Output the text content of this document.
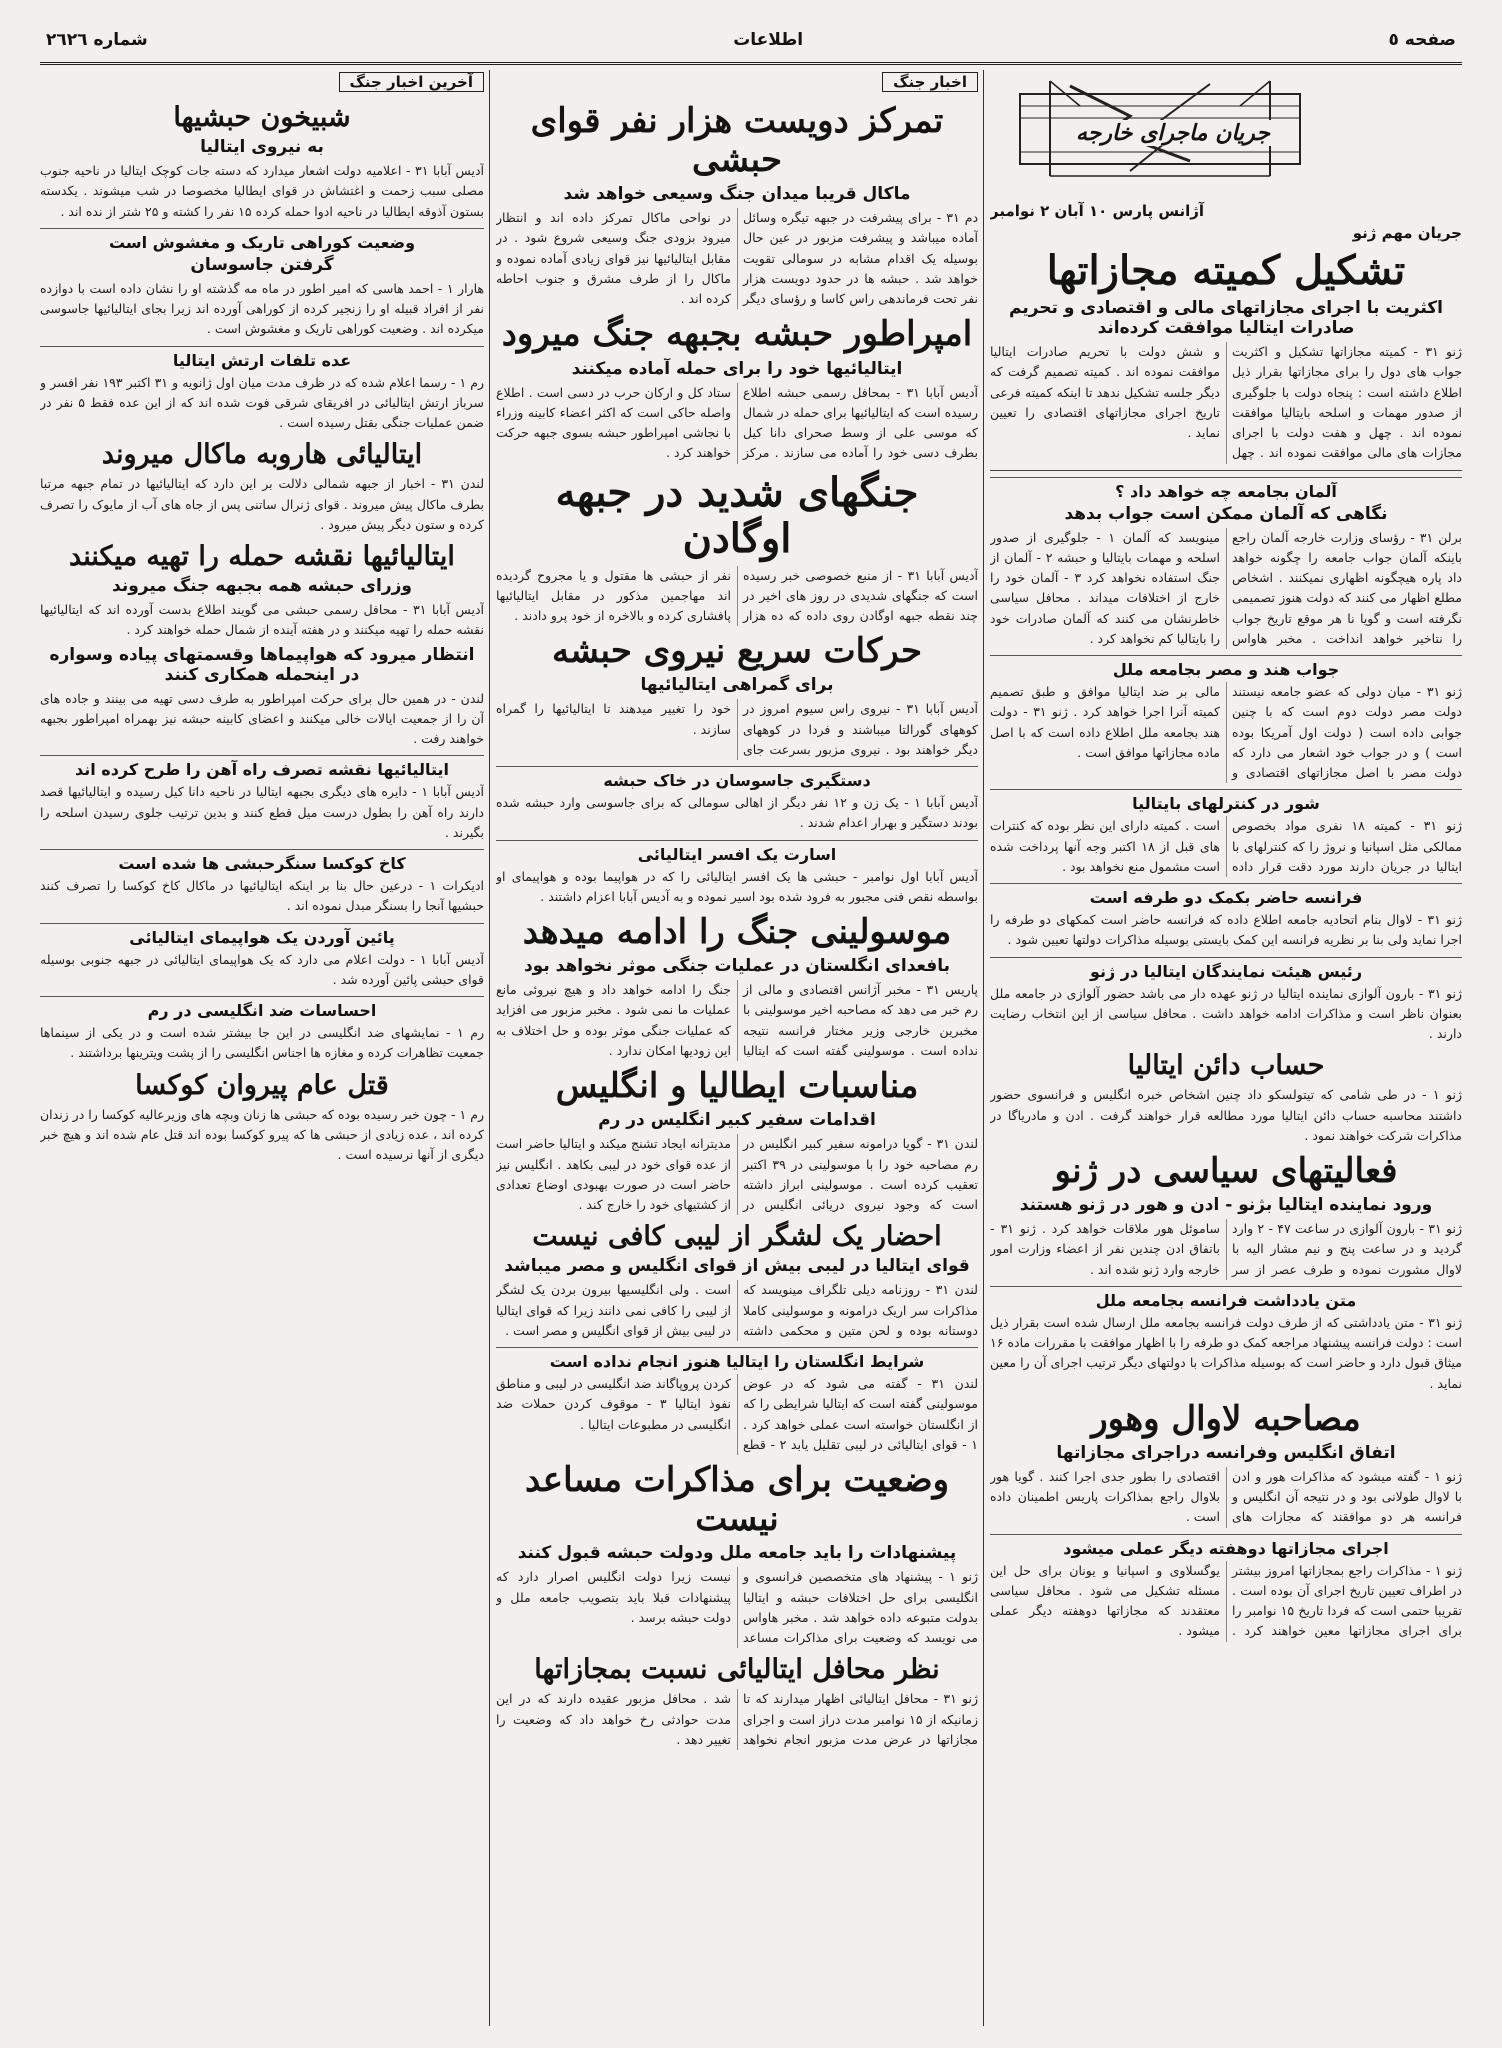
صفحه ٥
اطلاعات
شماره ٢٦٢٦
جریان ماجرای خارجه
آژانس پارس ۱۰ آبان ۲ نوامبر
جریان مهم ژنو
تشکیل کمیته مجازاتها
اکثریت با اجرای مجازاتهای مالی و اقتصادی و تحریم صادرات ایتالیا موافقت کرده‌اند

ژنو ۳۱ - کمیته مجازاتها تشکیل و اکثریت جواب های دول را برای مجازاتها بقرار ذیل اطلاع داشته است : پنجاه دولت با جلوگیری از صدور مهمات و اسلحه بایتالیا موافقت نموده اند . چهل و هفت دولت با اجرای مجازات های مالی موافقت نموده اند . چهل و شش دولت با تحریم صادرات ایتالیا موافقت نموده اند . کمیته تصمیم گرفت که دیگر جلسه تشکیل ندهد تا اینکه کمیته فرعی تاریخ اجرای مجازاتهای اقتصادی را تعیین نماید .

آلمان بجامعه چه خواهد داد ؟
نگاهی که آلمان ممکن است جواب بدهد

برلن ۳۱ - رؤسای وزارت خارجه آلمان راجع باینکه آلمان جواب جامعه را چگونه خواهد داد پاره هیچگونه اظهاری نمیکنند . اشخاص مطلع اظهار می کنند که دولت هنوز تصمیمی نگرفته است و گویا نا هر موقع تاریخ جواب را نتاخیر خواهد انداخت . مخبر هاواس مینویسد که آلمان ۱ - جلوگیری از صدور اسلحه و مهمات بایتالیا و حبشه ۲ - آلمان از جنگ استفاده نخواهد کرد ۳ - آلمان خود را خارج از اختلافات میداند . محافل سیاسی خاطرنشان می کنند که آلمان صادرات خود را بایتالیا کم نخواهد کرد .

جواب هند و مصر بجامعه ملل

ژنو ۳۱ - میان دولی که عضو جامعه نیستند دولت مصر دولت دوم است که با چنین جوابی داده است ( دولت اول آمریکا بوده است ) و در جواب خود اشعار می دارد که دولت مصر با اصل مجازاتهای اقتصادی و مالی بر ضد ایتالیا موافق و طبق تصمیم کمیته آنرا اجرا خواهد کرد . ژنو ۳۱ - دولت هند بجامعه ملل اطلاع داده است که با اصل ماده مجازاتها موافق است .

شور در کنترلهای بایتالیا

ژنو ۳۱ - کمیته ۱۸ نفری مواد بخصوص ممالکی مثل اسپانیا و نروژ را که کنترلهای با ایتالیا در جریان دارند مورد دقت قرار داده است . کمیته دارای این نظر بوده که کنترات های قبل از ۱۸ اکتبر وجه آنها پرداخت شده است مشمول منع نخواهد بود .

فرانسه حاضر بکمک دو طرفه است

ژنو ۳۱ - لاوال بنام اتحادیه جامعه اطلاع داده که فرانسه حاضر است کمکهای دو طرفه را اجرا نماید ولی بنا بر نظریه فرانسه این کمک بایستی بوسیله مذاکرات دولتها تعیین شود .

رئیس هیئت نمایندگان ایتالیا در ژنو

ژنو ۳۱ - بارون آلوازی نماینده ایتالیا در ژنو عهده دار می باشد حضور آلوازی در جامعه ملل بعنوان ناظر است و مذاکرات ادامه خواهد داشت . محافل سیاسی از این انتخاب رضایت دارند .

حساب دائن ایتالیا

ژنو ۱ - در طی شامی که تیتولسکو داد چنین اشخاص خبره انگلیس و فرانسوی حضور داشتند محاسبه حساب دائن ایتالیا مورد مطالعه قرار خواهند گرفت . ادن و مادریاگا در مذاکرات شرکت خواهند نمود .

فعالیتهای سیاسی در ژنو
ورود نماینده ایتالیا بژنو - ادن و هور در ژنو هستند

ژنو ۳۱ - بارون آلوازی در ساعت ۴۷ - ۲ وارد گردید و در ساعت پنج و نیم مشار الیه با لاوال مشورت نموده و طرف عصر از سر ساموئل هور ملاقات خواهد کرد . ژنو ۳۱ - باتفاق ادن چندین نفر از اعضاء وزارت امور خارجه وارد ژنو شده اند .

متن یادداشت فرانسه بجامعه ملل

ژنو ۳۱ - متن یادداشتی که از طرف دولت فرانسه بجامعه ملل ارسال شده است بقرار ذیل است : دولت فرانسه پیشنهاد مراجعه کمک دو طرفه را با اظهار موافقت با مقررات ماده ۱۶ میثاق قبول دارد و حاضر است که بوسیله مذاکرات با دولتهای دیگر ترتیب اجرای آن را معین نماید .

مصاحبه لاوال وهور
اتفاق انگلیس وفرانسه دراجرای مجازاتها

ژنو ۱ - گفته میشود که مذاکرات هور و ادن با لاوال طولانی بود و در نتیجه آن انگلیس و فرانسه هر دو موافقند که مجازات های اقتصادی را بطور جدی اجرا کنند . گویا هور بلاوال راجع بمذاکرات پاریس اطمینان داده است .

اجرای مجازاتها دوهفته دیگر عملی میشود

ژنو ۱ - مذاکرات راجع بمجازاتها امروز بیشتر در اطراف تعیین تاریخ اجرای آن بوده است . تقریبا حتمی است که فردا تاریخ ۱۵ نوامبر را برای اجرای مجازاتها معین خواهند کرد . یوگسلاوی و اسپانیا و یونان برای حل این مسئله تشکیل می شود . محافل سیاسی معتقدند که مجازاتها دوهفته دیگر عملی میشود .

اخبار جنگ
تمرکز دویست هزار نفر قوای حبشی
ماکال قریبا میدان جنگ وسیعی خواهد شد

دم ۳۱ - برای پیشرفت در جبهه تیگره وسائل آماده میباشد و پیشرفت مزبور در عین حال بوسیله یک اقدام مشابه در سومالی تقویت خواهد شد . حبشه ها در حدود دویست هزار نفر تحت فرماندهی راس کاسا و رؤسای دیگر در نواحی ماکال تمرکز داده اند و انتظار میرود بزودی جنگ وسیعی شروع شود . در مقابل ایتالیائیها نیز قوای زیادی آماده نموده و ماکال را از طرف مشرق و جنوب احاطه کرده اند .

امپراطور حبشه بجبهه جنگ میرود
ایتالیائیها خود را برای حمله آماده میکنند

آدیس آبابا ۳۱ - بمحافل رسمی حبشه اطلاع رسیده است که ایتالیائیها برای حمله در شمال که موسی علی از وسط صحرای دانا کیل بطرف دسی خود را آماده می سازند . مرکز ستاد کل و ارکان حرب در دسی است . اطلاع واصله حاکی است که اکثر اعضاء کابینه وزراء با نجاشی امپراطور حبشه بسوی جبهه حرکت خواهند کرد .

جنگهای شدید در جبهه اوگادن

آدیس آبابا ۳۱ - از منبع خصوصی خبر رسیده است که جنگهای شدیدی در روز های اخیر در چند نقطه جبهه اوگادن روی داده که ده هزار نفر از حبشی ها مقتول و یا مجروح گردیده اند مهاجمین مذکور در مقابل ایتالیائیها پافشاری کرده و بالاخره از خود پرو دادند .

حرکات سریع نیروی حبشه
برای گمراهی ایتالیائیها

آدیس آبابا ۳۱ - نیروی راس سیوم امروز در کوههای گورالتا میباشند و فردا در کوههای دیگر خواهند بود . نیروی مزبور بسرعت جای خود را تغییر میدهند تا ایتالیائیها را گمراه سازند .

دستگیری جاسوسان در خاک حبشه

آدیس آبابا ۱ - یک زن و ۱۲ نفر دیگر از اهالی سومالی که برای جاسوسی وارد حبشه شده بودند دستگیر و بهرار اعدام شدند .

اسارت یک افسر ایتالیائی

آدیس آبابا اول نوامبر - حبشی ها یک افسر ایتالیائی را که در هواپیما بوده و هواپیمای او بواسطه نقص فنی مجبور به فرود شده بود اسیر نموده و به آدیس آبابا اعزام داشتند .

موسولینی جنگ را ادامه میدهد
بافعدای انگلستان در عملیات جنگی موثر نخواهد بود

پاریس ۳۱ - مخبر آژانس اقتصادی و مالی از رم خبر می دهد که مصاحبه اخیر موسولینی با مخبرین خارجی وزیر مختار فرانسه نتیجه نداده است . موسولینی گفته است که ایتالیا جنگ را ادامه خواهد داد و هیچ نیروئی مانع عملیات ما نمی شود . مخبر مزبور می افزاید که عملیات جنگی موثر بوده و حل اختلاف به این زودیها امکان ندارد .

مناسبات ایطالیا و انگلیس
اقدامات سفیر کبیر انگلیس در رم

لندن ۳۱ - گویا درامونه سفیر کبیر انگلیس در رم مصاحبه خود را با موسولینی در ۳۹ اکتبر تعقیب کرده است . موسولینی ابراز داشته است که وجود نیروی دریائی انگلیس در مدیترانه ایجاد تشنج میکند و ایتالیا حاضر است از عده قوای خود در لیبی بکاهد . انگلیس نیز حاضر است در صورت بهبودی اوضاع تعدادی از کشتیهای خود را خارج کند .

احضار یک لشگر از لیبی کافی نیست
قوای ایتالیا در لیبی بیش از قوای انگلیس و مصر میباشد

لندن ۳۱ - روزنامه دیلی تلگراف مینویسد که مذاکرات سر اریک درامونه و موسولینی کاملا دوستانه بوده و لحن متین و محکمی داشته است . ولی انگلیسیها بیرون بردن یک لشگر از لیبی را کافی نمی دانند زیرا که قوای ایتالیا در لیبی بیش از قوای انگلیس و مصر است .

شرایط انگلستان را ایتالیا هنوز انجام نداده است

لندن ۳۱ - گفته می شود که در عوض موسولینی گفته است که ایتالیا شرایطی را که از انگلستان خواسته است عملی خواهد کرد . ۱ - قوای ایتالیائی در لیبی تقلیل یابد ۲ - قطع کردن پروپاگاند ضد انگلیسی در لیبی و مناطق نفوذ ایتالیا ۳ - موقوف کردن حملات ضد انگلیسی در مطبوعات ایتالیا .

وضعیت برای مذاکرات مساعد نیست
پیشنهادات را باید جامعه ملل ودولت حبشه قبول کنند

ژنو ۱ - پیشنهاد های متخصصین فرانسوی و انگلیسی برای حل اختلافات حبشه و ایتالیا بدولت متبوعه داده خواهد شد . مخبر هاواس می نویسد که وضعیت برای مذاکرات مساعد نیست زیرا دولت انگلیس اصرار دارد که پیشنهادات قبلا باید بتصویب جامعه ملل و دولت حبشه برسد .

نظر محافل ایتالیائی نسبت بمجازاتها

ژنو ۳۱ - محافل ایتالیائی اظهار میدارند که تا زمانیکه از ۱۵ نوامبر مدت دراز است و اجرای مجازاتها در عرض مدت مزبور انجام نخواهد شد . محافل مزبور عقیده دارند که در این مدت حوادثی رخ خواهد داد که وضعیت را تغییر دهد .

آخرین اخبار جنگ
شبیخون حبشیها
به نیروی ایتالیا

آدیس آبابا ۳۱ - اعلامیه دولت اشعار میدارد که دسته جات کوچک ایتالیا در ناحیه جنوب مصلی سبب زحمت و اغتشاش در قوای ایطالیا مخصوصا در شب میشوند . یکدسته بستون آذوقه ایطالیا در ناحیه ادوا حمله کرده ۱۵ نفر را کشته و ۲۵ شتر از نده اند .

وضعیت کوراهی تاریک و مغشوش است
گرفتن جاسوسان

هارار ۱ - احمد هاسی که امیر اطور در ماه مه گذشته او را نشان داده است با دوازده نفر از افراد قبیله او را زنجیر کرده از کوراهی آورده اند زیرا بجای ایتالیائیها جاسوسی میکرده اند . وضعیت کوراهی تاریک و مغشوش است .

عده تلفات ارتش ایتالیا

رم ۱ - رسما اعلام شده که در ظرف مدت میان اول ژانویه و ۳۱ اکتبر ۱۹۳ نفر افسر و سرباز ارتش ایتالیائی در افریقای شرقی فوت شده اند که از این عده فقط ۵ نفر در ضمن عملیات جنگی بقتل رسیده است .

ایتالیائی هاروبه ماکال میروند

لندن ۳۱ - اخبار از جبهه شمالی دلالت بر این دارد که ایتالیائیها در تمام جبهه مرتبا بطرف ماکال پیش میروند . قوای ژنرال ساتنی پس از جاه های آب از مایوک را تصرف کرده و ستون دیگر پیش میرود .

ایتالیائیها نقشه حمله را تهیه میکنند
وزرای حبشه همه بجبهه جنگ میروند

آدیس آبابا ۳۱ - محافل رسمی حبشی می گویند اطلاع بدست آورده اند که ایتالیائیها نقشه حمله را تهیه میکنند و در هفته آینده از شمال حمله خواهند کرد .

انتظار میرود که هواپیماها وقسمتهای پیاده وسواره در اینحمله همکاری کنند

لندن - در همین حال برای حرکت امپراطور به طرف دسی تهیه می بینند و جاده های آن را از جمعیت ایالات خالی میکنند و اعضای کابینه حبشه نیز بهمراه امپراطور بجبهه خواهند رفت .

ایتالیائیها نقشه تصرف راه آهن را طرح کرده اند

آدیس آبابا ۱ - دایره های دیگری بجبهه ایتالیا در ناحیه دانا کیل رسیده و ایتالیائیها قصد دارند راه آهن را بطول درست میل قطع کنند و بدین ترتیب جلوی رسیدن اسلحه را بگیرند .

کاخ کوکسا سنگرحبشی ها شده است

ادیکرات ۱ - درعین حال بنا بر اینکه ایتالیائیها در ماکال کاخ کوکسا را تصرف کنند حبشیها آنجا را بسنگر مبدل نموده اند .

پائین آوردن یک هواپیمای ایتالیائی

آدیس آبابا ۱ - دولت اعلام می دارد که یک هواپیمای ایتالیائی در جبهه جنوبی بوسیله قوای حبشی پائین آورده شد .

احساسات ضد انگلیسی در رم

رم ۱ - نمایشهای ضد انگلیسی در این جا بیشتر شده است و در یکی از سینماها جمعیت تظاهرات کرده و مغازه ها اجناس انگلیسی را از پشت ویترینها برداشتند .

قتل عام پیروان کوکسا

رم ۱ - چون خبر رسیده بوده که حبشی ها زنان وبچه های وزیرعالیه کوکسا را در زندان کرده اند ، عده زیادی از حبشی ها که پیرو کوکسا بوده اند قتل عام شده اند و هیچ خبر دیگری از آنها نرسیده است .
